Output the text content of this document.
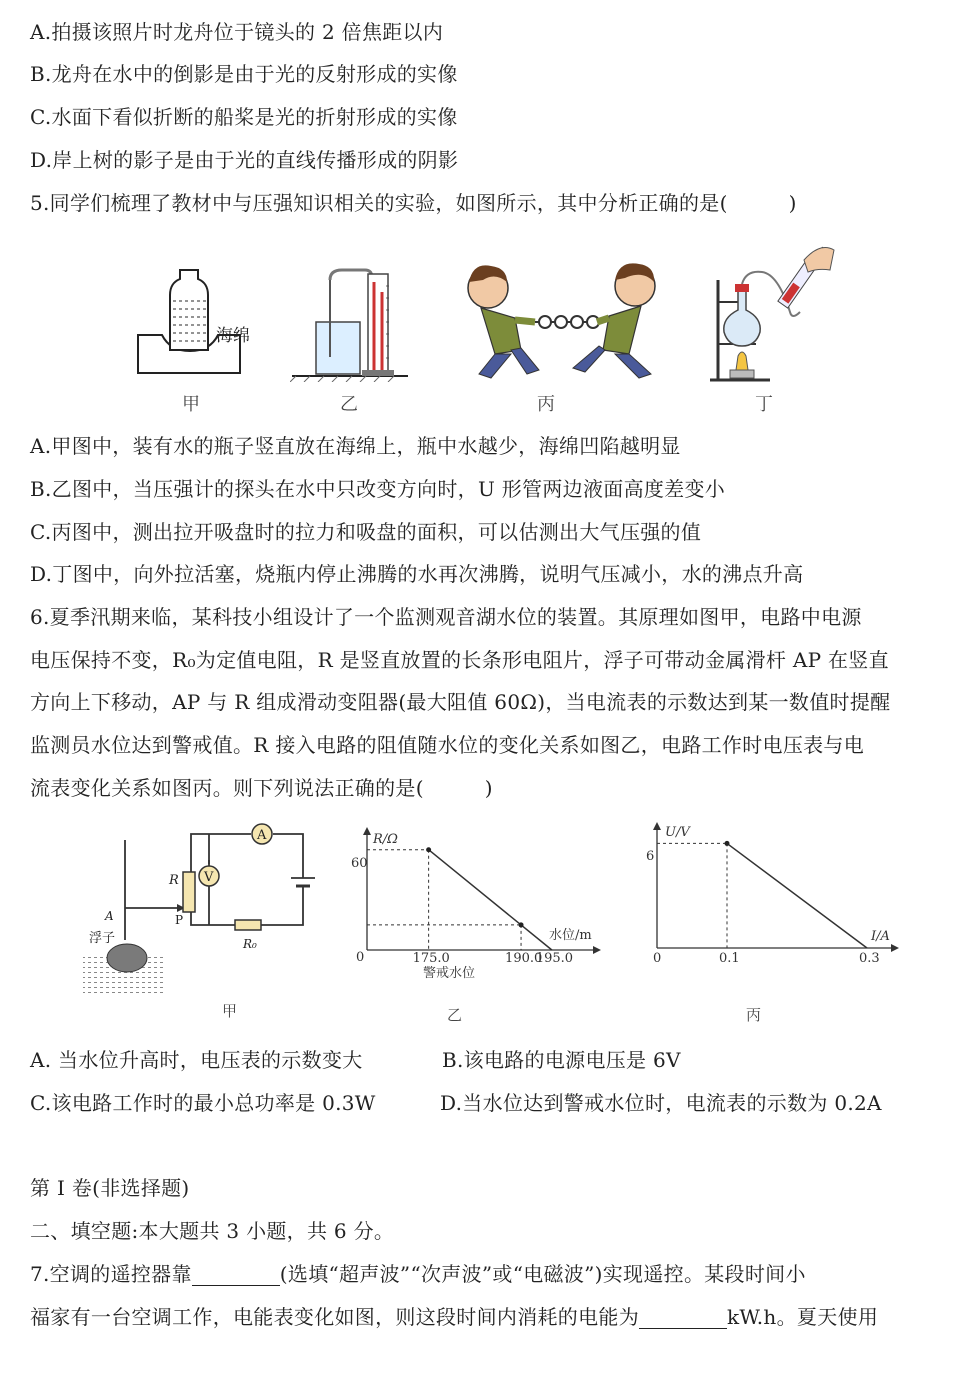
A.拍摄该照片时龙舟位于镜头的 2 倍焦距以内
B.龙舟在水中的倒影是由于光的反射形成的实像
C.水面下看似折断的船桨是光的折射形成的实像
D.岸上树的影子是由于光的直线传播形成的阴影
5.同学们梳理了教材中与压强知识相关的实验，如图所示，其中分析正确的是(　　　)
海绵
甲	乙	丙	丁
A.甲图中，装有水的瓶子竖直放在海绵上，瓶中水越少，海绵凹陷越明显
B.乙图中，当压强计的探头在水中只改变方向时，U 形管两边液面高度差变小
C.丙图中，测出拉开吸盘时的拉力和吸盘的面积，可以估测出大气压强的值
D.丁图中，向外拉活塞，烧瓶内停止沸腾的水再次沸腾，说明气压减小，水的沸点升高
6.夏季汛期来临，某科技小组设计了一个监测观音湖水位的装置。其原理如图甲，电路中电源
电压保持不变，R₀为定值电阻，R 是竖直放置的长条形电阻片，浮子可带动金属滑杆 AP 在竖直
方向上下移动，AP 与 R 组成滑动变阻器(最大阻值 60Ω)，当电流表的示数达到某一数值时提醒
监测员水位达到警戒值。R 接入电路的阻值随水位的变化关系如图乙，电路工作时电压表与电
流表变化关系如图丙。则下列说法正确的是(　　　)
A
V
R
P
A
浮子	R₀
R/Ω
水位/m
0
60
175.0	190.0
195.0
警戒水位
U/V
I/A
0
6
0.1	0.3
甲	乙	丙
A. 当水位升高时，电压表的示数变大	B.该电路的电源电压是 6V
C.该电路工作时的最小总功率是 0.3W	D.当水位达到警戒水位时，电流表的示数为 0.2A
第 I 卷(非选择题)
二、填空题:本大题共 3 小题，共 6 分。
7.空调的遥控器靠	(选填“超声波”“次声波”或“电磁波”)实现遥控。某段时间小
福家有一台空调工作，电能表变化如图，则这段时间内消耗的电能为	kW.h。夏天使用
